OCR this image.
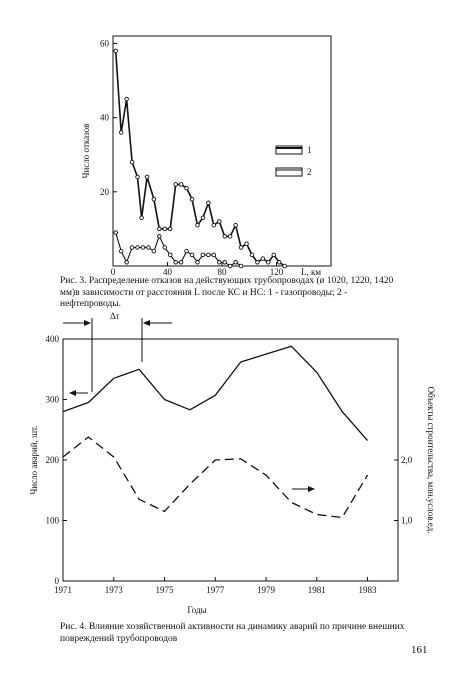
20
40
60
0	40	80	120
Число отказов
L, км
1
2
0
100
200
300
400
1,0
2,0
1971	1973	1975	1977	1979	1981	1983
Число аварий, шт.	Объекты строительства, млн.услов.ед.
Годы
Δτ
Рис. 3. Распределение отказов на действующих трубопроводах (ø 1020, 1220, 1420 мм)в зависимости от расстояния L после КС и НС: 1 - газопроводы; 2 - нефтепроводы.
Рис. 4. Влияние хозяйственной активности на динамику аварий по причине внешних повреждений трубопроводов
161
